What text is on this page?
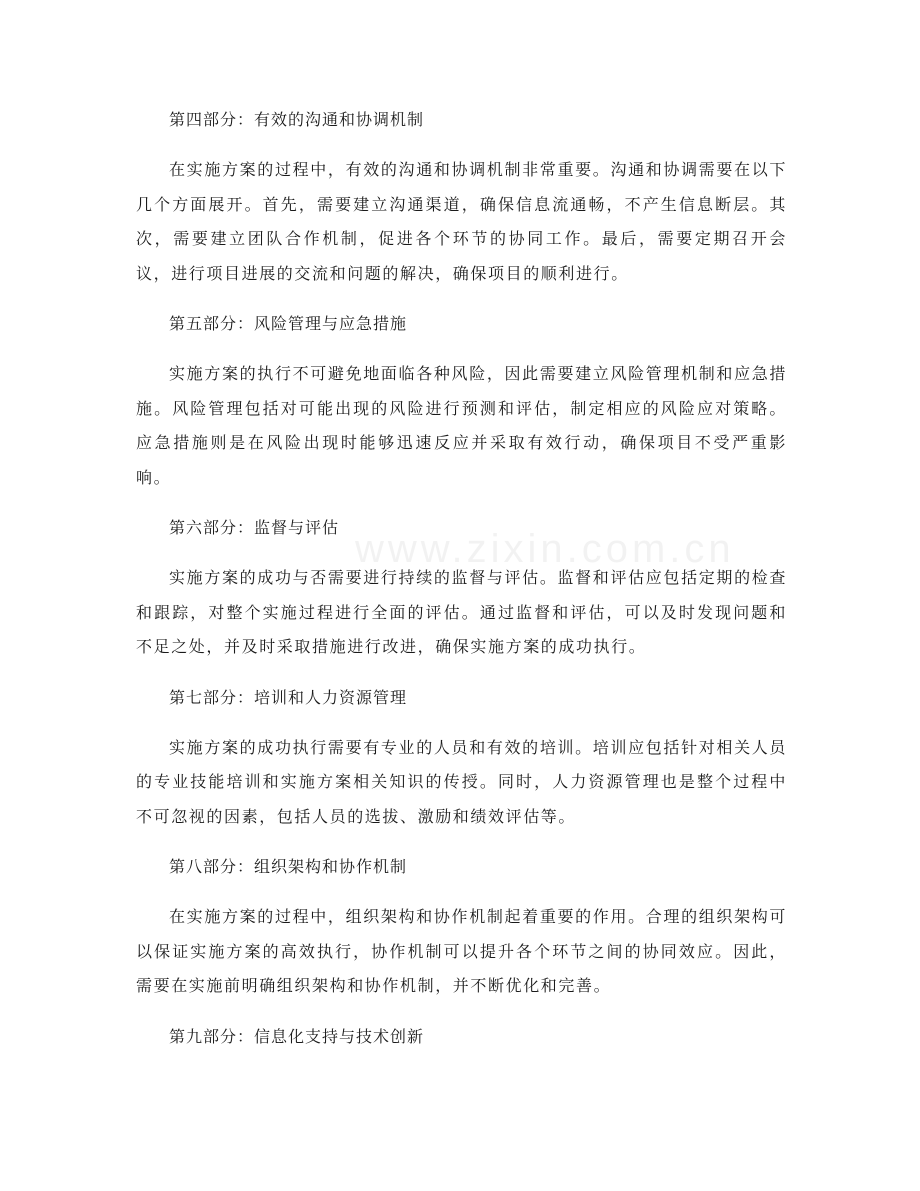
www.zixin.com.cn
第四部分：有效的沟通和协调机制

在实施方案的过程中，有效的沟通和协调机制非常重要。沟通和协调需要在以下几个方面展开。首先，需要建立沟通渠道，确保信息流通畅，不产生信息断层。其次，需要建立团队合作机制，促进各个环节的协同工作。最后，需要定期召开会议，进行项目进展的交流和问题的解决，确保项目的顺利进行。

第五部分：风险管理与应急措施

实施方案的执行不可避免地面临各种风险，因此需要建立风险管理机制和应急措施。风险管理包括对可能出现的风险进行预测和评估，制定相应的风险应对策略。应急措施则是在风险出现时能够迅速反应并采取有效行动，确保项目不受严重影响。

第六部分：监督与评估

实施方案的成功与否需要进行持续的监督与评估。监督和评估应包括定期的检查和跟踪，对整个实施过程进行全面的评估。通过监督和评估，可以及时发现问题和不足之处，并及时采取措施进行改进，确保实施方案的成功执行。

第七部分：培训和人力资源管理

实施方案的成功执行需要有专业的人员和有效的培训。培训应包括针对相关人员的专业技能培训和实施方案相关知识的传授。同时，人力资源管理也是整个过程中不可忽视的因素，包括人员的选拔、激励和绩效评估等。

第八部分：组织架构和协作机制

在实施方案的过程中，组织架构和协作机制起着重要的作用。合理的组织架构可以保证实施方案的高效执行，协作机制可以提升各个环节之间的协同效应。因此，需要在实施前明确组织架构和协作机制，并不断优化和完善。

第九部分：信息化支持与技术创新
